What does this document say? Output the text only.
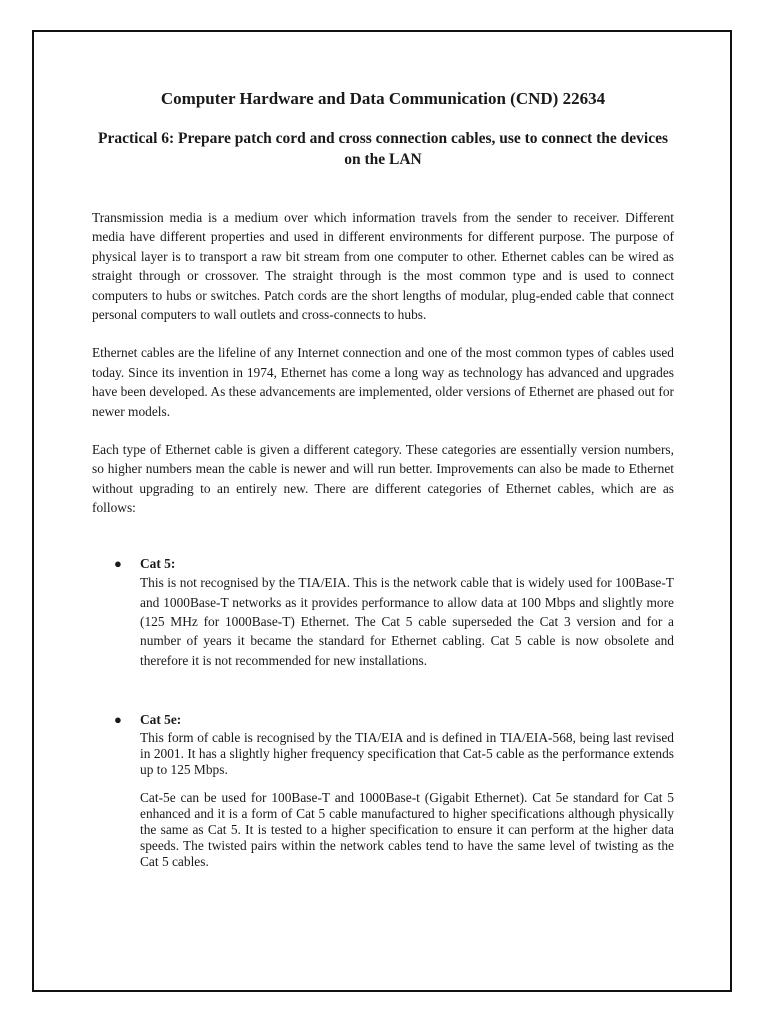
Computer Hardware and Data Communication (CND) 22634
Practical 6: Prepare patch cord and cross connection cables, use to connect the devices on the LAN

Transmission media is a medium over which information travels from the sender to receiver. Different media have different properties and used in different environments for different purpose. The purpose of physical layer is to transport a raw bit stream from one computer to other. Ethernet cables can be wired as straight through or crossover. The straight through is the most common type and is used to connect computers to hubs or switches. Patch cords are the short lengths of modular, plug-ended cable that connect personal computers to wall outlets and cross-connects to hubs.

Ethernet cables are the lifeline of any Internet connection and one of the most common types of cables used today. Since its invention in 1974, Ethernet has come a long way as technology has advanced and upgrades have been developed. As these advancements are implemented, older versions of Ethernet are phased out for newer models.

Each type of Ethernet cable is given a different category. These categories are essentially version numbers, so higher numbers mean the cable is newer and will run better. Improvements can also be made to Ethernet without upgrading to an entirely new. There are different categories of Ethernet cables, which are as follows:

● Cat 5:

This is not recognised by the TIA/EIA. This is the network cable that is widely used for 100Base-T and 1000Base-T networks as it provides performance to allow data at 100 Mbps and slightly more (125 MHz for 1000Base-T) Ethernet. The Cat 5 cable superseded the Cat 3 version and for a number of years it became the standard for Ethernet cabling. Cat 5 cable is now obsolete and therefore it is not recommended for new installations.

● Cat 5e:

This form of cable is recognised by the TIA/EIA and is defined in TIA/EIA-568, being last revised in 2001. It has a slightly higher frequency specification that Cat-5 cable as the performance extends up to 125 Mbps.

Cat-5e can be used for 100Base-T and 1000Base-t (Gigabit Ethernet). Cat 5e standard for Cat 5 enhanced and it is a form of Cat 5 cable manufactured to higher specifications although physically the same as Cat 5. It is tested to a higher specification to ensure it can perform at the higher data speeds. The twisted pairs within the network cables tend to have the same level of twisting as the Cat 5 cables.
